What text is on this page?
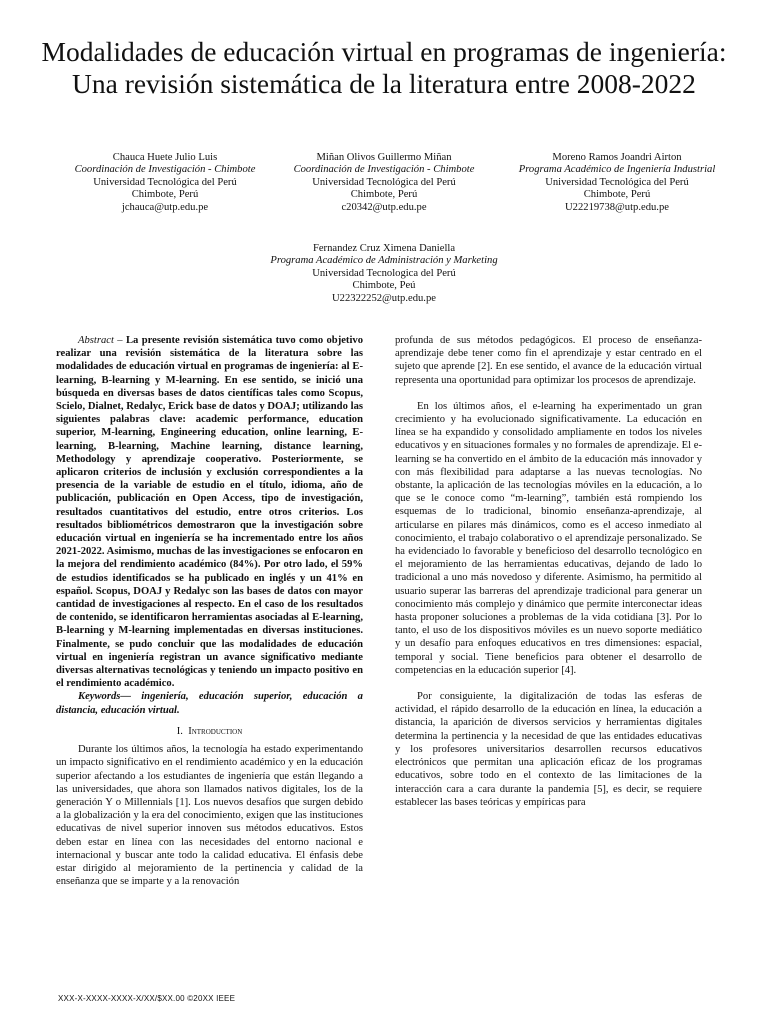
Modalidades de educación virtual en programas de ingeniería: Una revisión sistemática de la literatura entre 2008-2022
Chauca Huete Julio Luis
Coordinación de Investigación - Chimbote
Universidad Tecnológica del Perú
Chimbote, Perú
jchauca@utp.edu.pe
Miñan Olivos Guillermo Miñan
Coordinación de Investigación - Chimbote
Universidad Tecnológica del Perú
Chimbote, Perú
c20342@utp.edu.pe
Moreno Ramos Joandri Airton
Programa Académico de Ingeniería Industrial
Universidad Tecnológica del Perú
Chimbote, Perú
U22219738@utp.edu.pe
Fernandez Cruz Ximena Daniella
Programa Académico de Administración y Marketing
Universidad Tecnologica del Perú
Chimbote, Peú
U22322252@utp.edu.pe

Abstract – La presente revisión sistemática tuvo como objetivo realizar una revisión sistemática de la literatura sobre las modalidades de educación virtual en programas de ingeniería: al E-learning, B-learning y M-learning. En ese sentido, se inició una búsqueda en diversas bases de datos científicas tales como Scopus, Scielo, Dialnet, Redalyc, Erick base de datos y DOAJ; utilizando las siguientes palabras clave: academic performance, education superior, M-learning, Engineering education, online learning, E-learning, B-learning, Machine learning, distance learning, Methodology y aprendizaje cooperativo. Posteriormente, se aplicaron criterios de inclusión y exclusión correspondientes a la presencia de la variable de estudio en el título, idioma, año de publicación, publicación en Open Access, tipo de investigación, resultados cuantitativos del estudio, entre otros criterios. Los resultados bibliométricos demostraron que la investigación sobre educación virtual en ingeniería se ha incrementado entre los años 2021-2022. Asimismo, muchas de las investigaciones se enfocaron en la mejora del rendimiento académico (84%). Por otro lado, el 59% de estudios identificados se ha publicado en inglés y un 41% en español. Scopus, DOAJ y Redalyc son las bases de datos con mayor cantidad de investigaciones al respecto. En el caso de los resultados de contenido, se identificaron herramientas asociadas al E-learning, B-learning y M-learning implementadas en diversas instituciones. Finalmente, se pudo concluir que las modalidades de educación virtual en ingeniería registran un avance significativo mediante diversas alternativas tecnológicas y teniendo un impacto positivo en el rendimiento académico.

Keywords— ingeniería, educación superior, educación a distancia, educación virtual.

I. Introduction

Durante los últimos años, la tecnología ha estado experimentando un impacto significativo en el rendimiento académico y en la educación superior afectando a los estudiantes de ingeniería que están llegando a las universidades, que ahora son llamados nativos digitales, los de la generación Y o Millennials [1]. Los nuevos desafíos que surgen debido a la globalización y la era del conocimiento, exigen que las instituciones educativas de nivel superior innoven sus métodos educativos. Estos deben estar en línea con las necesidades del entorno nacional e internacional y buscar ante todo la calidad educativa. El énfasis debe estar dirigido al mejoramiento de la pertinencia y calidad de la enseñanza que se imparte y a la renovación

profunda de sus métodos pedagógicos. El proceso de enseñanza-aprendizaje debe tener como fin el aprendizaje y estar centrado en el sujeto que aprende [2]. En ese sentido, el avance de la educación virtual representa una oportunidad para optimizar los procesos de aprendizaje.

En los últimos años, el e-learning ha experimentado un gran crecimiento y ha evolucionado significativamente. La educación en línea se ha expandido y consolidado ampliamente en todos los niveles educativos y en situaciones formales y no formales de aprendizaje. El e-learning se ha convertido en el ámbito de la educación más innovador y con más flexibilidad para adaptarse a las nuevas tecnologías. No obstante, la aplicación de las tecnologías móviles en la educación, a lo que se le conoce como “m-learning”, también está rompiendo los esquemas de lo tradicional, binomio enseñanza-aprendizaje, al articularse en pilares más dinámicos, como es el acceso inmediato al conocimiento, el trabajo colaborativo o el aprendizaje personalizado. Se ha evidenciado lo favorable y beneficioso del desarrollo tecnológico en el mejoramiento de las herramientas educativas, dejando de lado lo tradicional a uno más novedoso y diferente. Asimismo, ha permitido al usuario superar las barreras del aprendizaje tradicional para generar un conocimiento más complejo y dinámico que permite interconectar ideas hasta proponer soluciones a problemas de la vida cotidiana [3]. Por lo tanto, el uso de los dispositivos móviles es un nuevo soporte mediático y un desafío para enfoques educativos en tres dimensiones: espacial, temporal y social. Tiene beneficios para obtener el desarrollo de competencias en la educación superior [4].

Por consiguiente, la digitalización de todas las esferas de actividad, el rápido desarrollo de la educación en línea, la educación a distancia, la aparición de diversos servicios y herramientas digitales determina la pertinencia y la necesidad de que las entidades educativas y los profesores universitarios desarrollen recursos educativos electrónicos que permitan una aplicación eficaz de los programas educativos, sobre todo en el contexto de las limitaciones de la interacción cara a cara durante la pandemia [5], es decir, se requiere establecer las bases teóricas y empíricas para

XXX-X-XXXX-XXXX-X/XX/$XX.00 ©20XX IEEE
